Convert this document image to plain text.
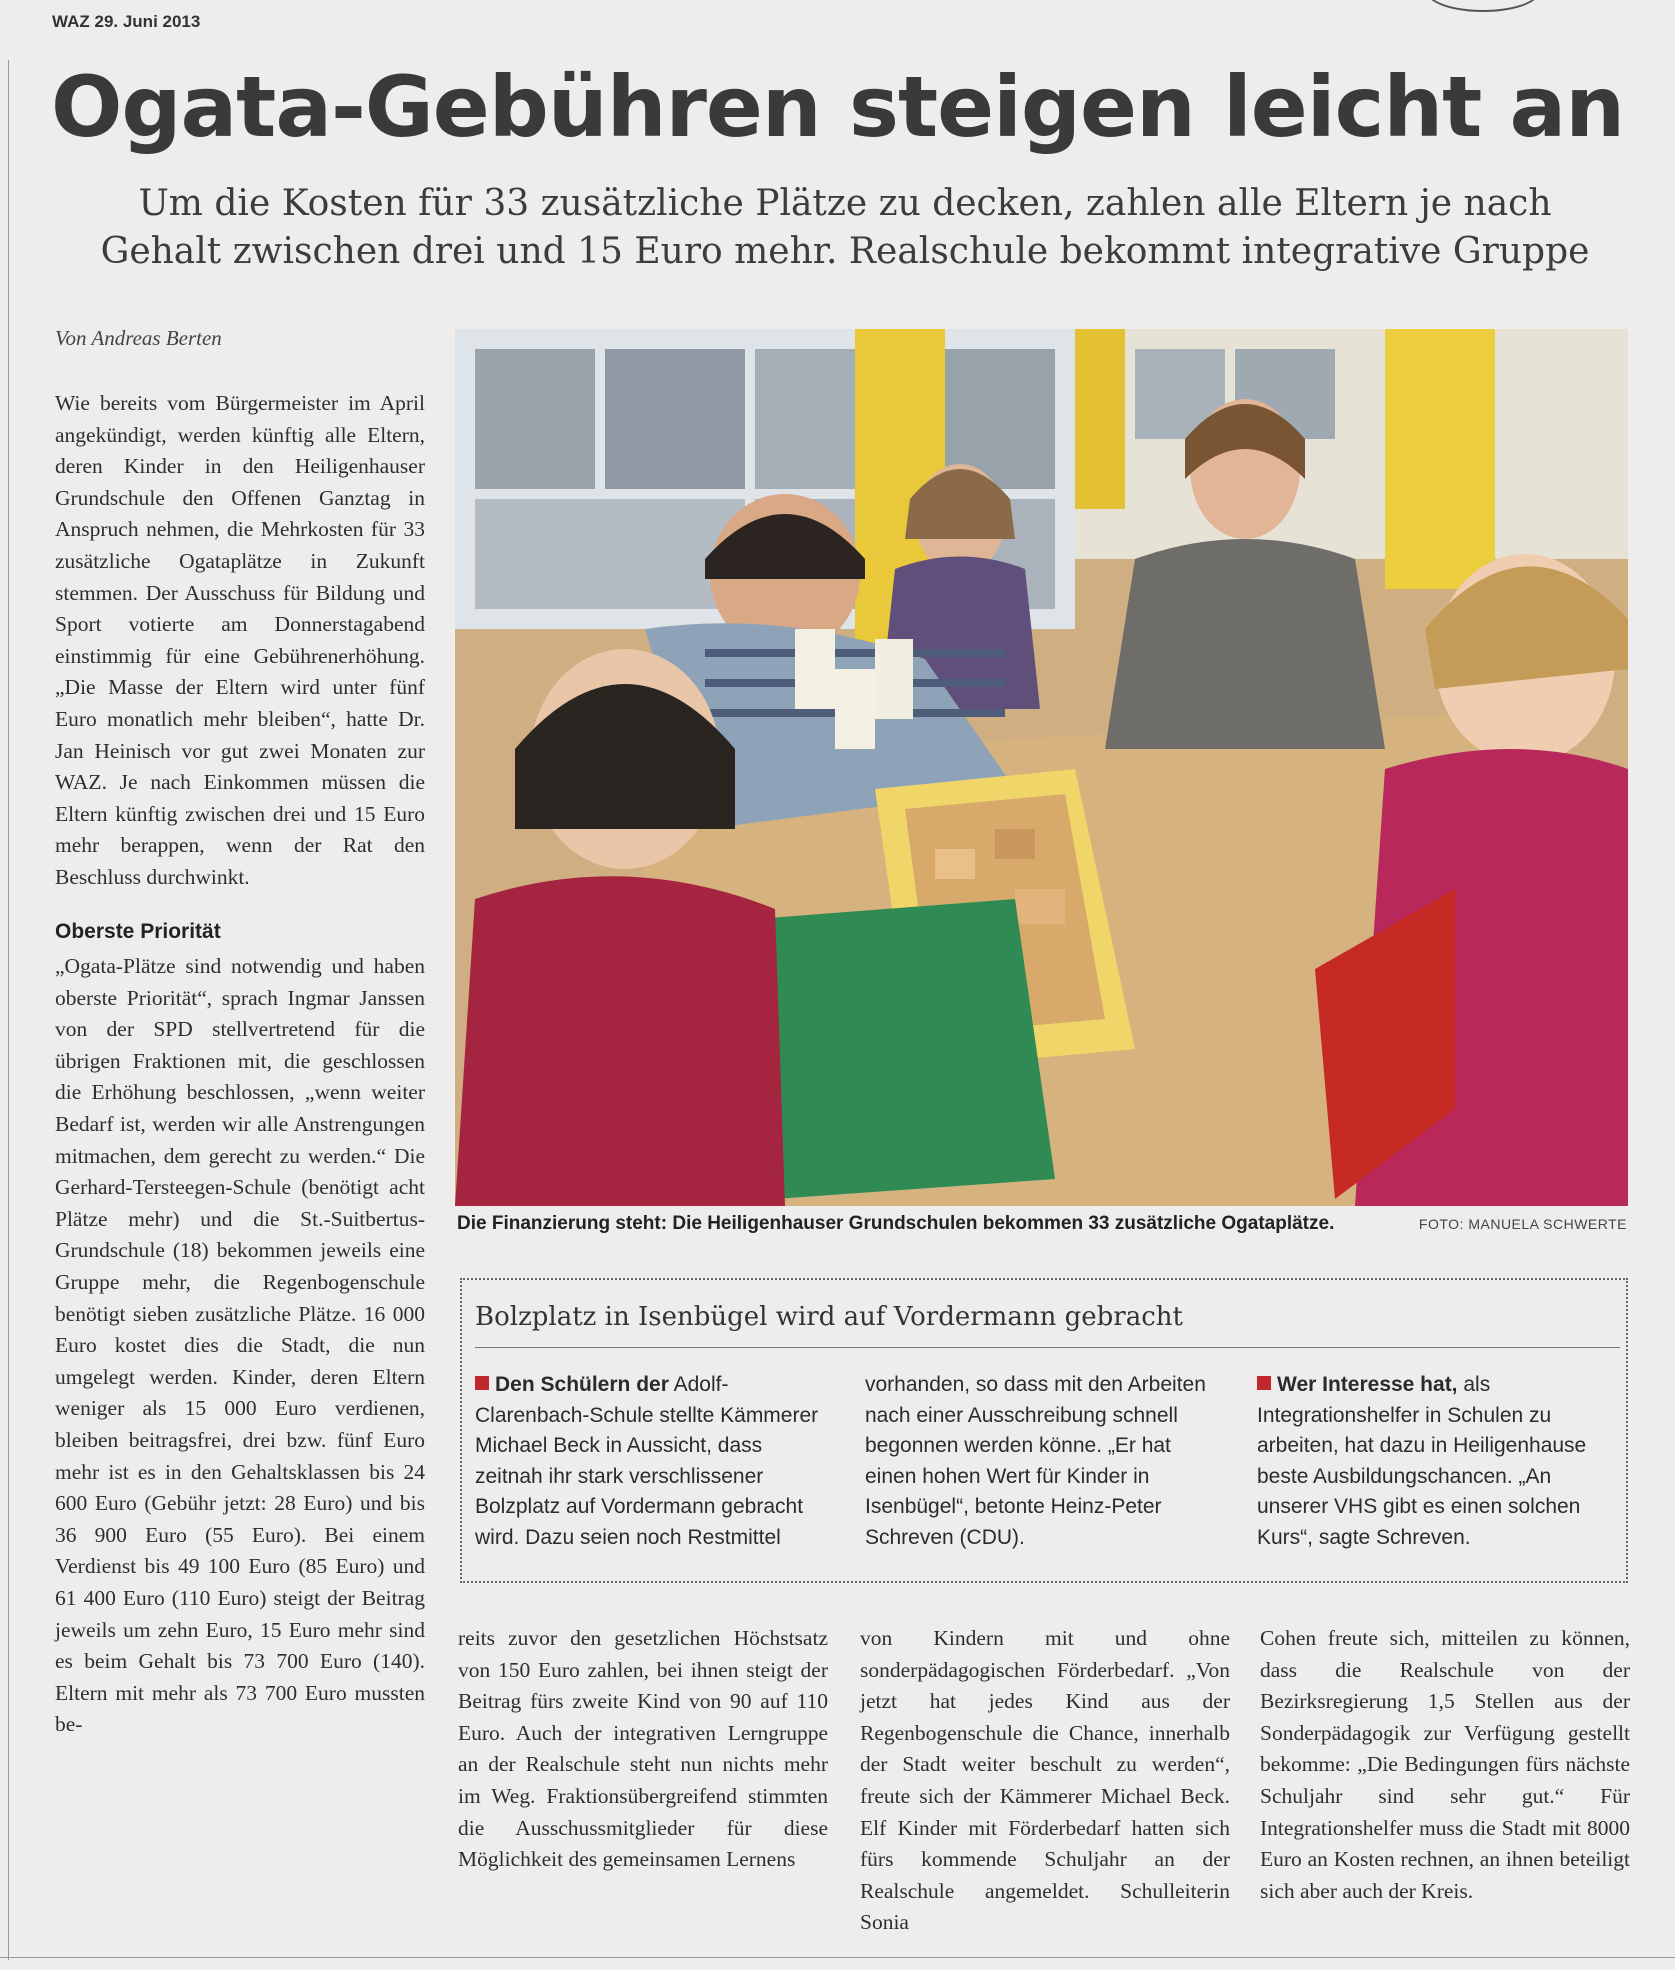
WAZ 29. Juni 2013
Ogata-Gebühren steigen leicht an
Um die Kosten für 33 zusätzliche Plätze zu decken, zahlen alle Eltern je nach
Gehalt zwischen drei und 15 Euro mehr. Realschule bekommt integrative Gruppe
Von Andreas Berten

Wie bereits vom Bürgermeister im April angekündigt, werden künftig alle Eltern, deren Kinder in den Heiligenhauser Grundschule den Offenen Ganztag in Anspruch nehmen, die Mehrkosten für 33 zusätzliche Ogataplätze in Zukunft stemmen. Der Ausschuss für Bildung und Sport votierte am Donnerstagabend einstimmig für eine Gebührenerhöhung. „Die Masse der Eltern wird unter fünf Euro monatlich mehr bleiben“, hatte Dr. Jan Heinisch vor gut zwei Monaten zur WAZ. Je nach Einkommen müssen die Eltern künftig zwischen drei und 15 Euro mehr berappen, wenn der Rat den Beschluss durchwinkt.

Oberste Priorität

„Ogata-Plätze sind notwendig und haben oberste Priorität“, sprach Ingmar Janssen von der SPD stellvertretend für die übrigen Fraktionen mit, die geschlossen die Erhöhung beschlossen, „wenn weiter Bedarf ist, werden wir alle Anstrengungen mitmachen, dem gerecht zu werden.“ Die Gerhard-Tersteegen-Schule (benötigt acht Plätze mehr) und die St.-Suitbertus-Grundschule (18) bekommen jeweils eine Gruppe mehr, die Regenbogenschule benötigt sieben zusätzliche Plätze. 16 000 Euro kostet dies die Stadt, die nun umgelegt werden. Kinder, deren Eltern weniger als 15 000 Euro verdienen, bleiben beitragsfrei, drei bzw. fünf Euro mehr ist es in den Gehaltsklassen bis 24 600 Euro (Gebühr jetzt: 28 Euro) und bis 36 900 Euro (55 Euro). Bei einem Verdienst bis 49 100 Euro (85 Euro) und 61 400 Euro (110 Euro) steigt der Beitrag jeweils um zehn Euro, 15 Euro mehr sind es beim Gehalt bis 73 700 Euro (140). Eltern mit mehr als 73 700 Euro mussten be-

Die Finanzierung steht: Die Heiligenhauser Grundschulen bekommen 33 zusätzliche Ogataplätze.	FOTO: MANUELA SCHWERTE
Bolzplatz in Isenbügel wird auf Vordermann gebracht
Den Schülern der Adolf-Clarenbach-Schule stellte Kämmerer Michael Beck in Aussicht, dass zeitnah ihr stark verschlissener Bolzplatz auf Vordermann gebracht wird. Dazu seien noch Restmittel
vorhanden, so dass mit den Arbeiten nach einer Ausschreibung schnell begonnen werden könne. „Er hat einen hohen Wert für Kinder in Isenbügel“, betonte Heinz-Peter Schreven (CDU).
Wer Interesse hat, als Integrationshelfer in Schulen zu arbeiten, hat dazu in Heiligenhause beste Ausbildungschancen. „An unserer VHS gibt es einen solchen Kurs“, sagte Schreven.

reits zuvor den gesetzlichen Höchstsatz von 150 Euro zahlen, bei ihnen steigt der Beitrag fürs zweite Kind von 90 auf 110 Euro. Auch der integrativen Lerngruppe an der Realschule steht nun nichts mehr im Weg. Fraktionsübergreifend stimmten die Ausschussmitglieder für diese Möglichkeit des gemeinsamen Lernens

von Kindern mit und ohne sonderpädagogischen Förderbedarf. „Von jetzt hat jedes Kind aus der Regenbogenschule die Chance, innerhalb der Stadt weiter beschult zu werden“, freute sich der Kämmerer Michael Beck. Elf Kinder mit Förderbedarf hatten sich fürs kommende Schuljahr an der Realschule angemeldet. Schulleiterin Sonia

Cohen freute sich, mitteilen zu können, dass die Realschule von der Bezirksregierung 1,5 Stellen aus der Sonderpädagogik zur Verfügung gestellt bekomme: „Die Bedingungen fürs nächste Schuljahr sind sehr gut.“ Für Integrationshelfer muss die Stadt mit 8000 Euro an Kosten rechnen, an ihnen beteiligt sich aber auch der Kreis.
